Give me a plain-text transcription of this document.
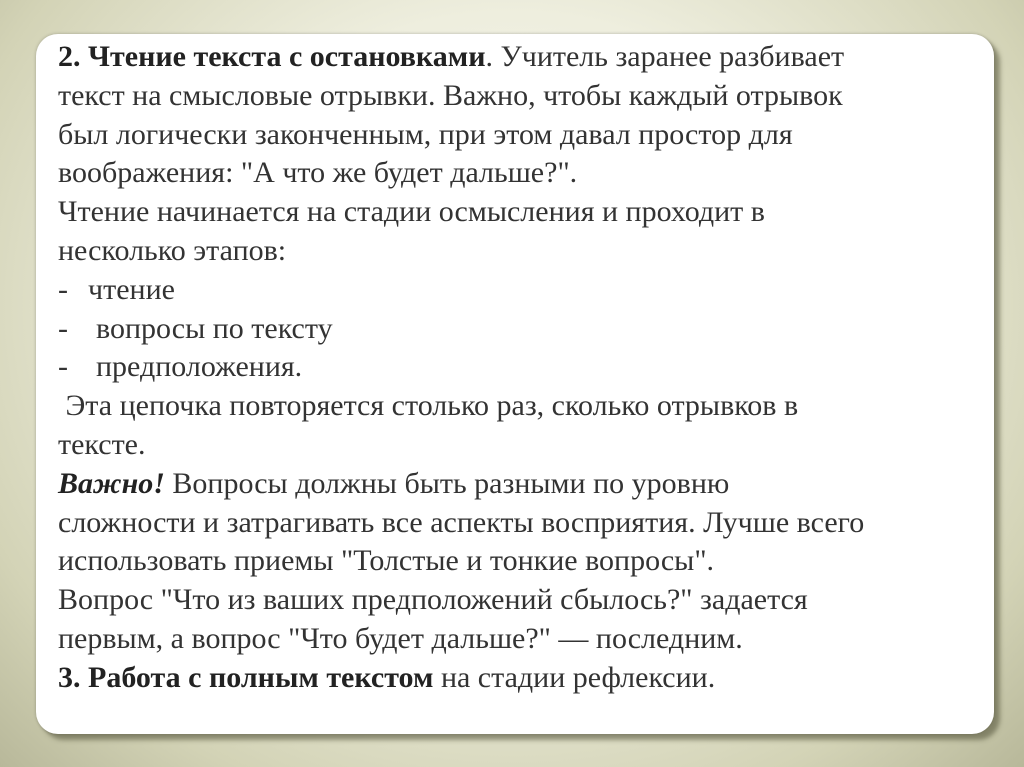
2. Чтение текста с остановками. Учитель заранее разбивает
текст на смысловые отрывки. Важно, чтобы каждый отрывок
был логически законченным, при этом давал простор для
воображения: "А что же будет дальше?".
Чтение начинается на стадии осмысления и проходит в
несколько этапов:
- чтение
- вопросы по тексту
- предположения.
Эта цепочка повторяется столько раз, сколько отрывков в
тексте.
Важно! Вопросы должны быть разными по уровню
сложности и затрагивать все аспекты восприятия. Лучше всего
использовать приемы "Толстые и тонкие вопросы".
Вопрос "Что из ваших предположений сбылось?" задается
первым, а вопрос "Что будет дальше?" — последним.
3. Работа с полным текстом на стадии рефлексии.
